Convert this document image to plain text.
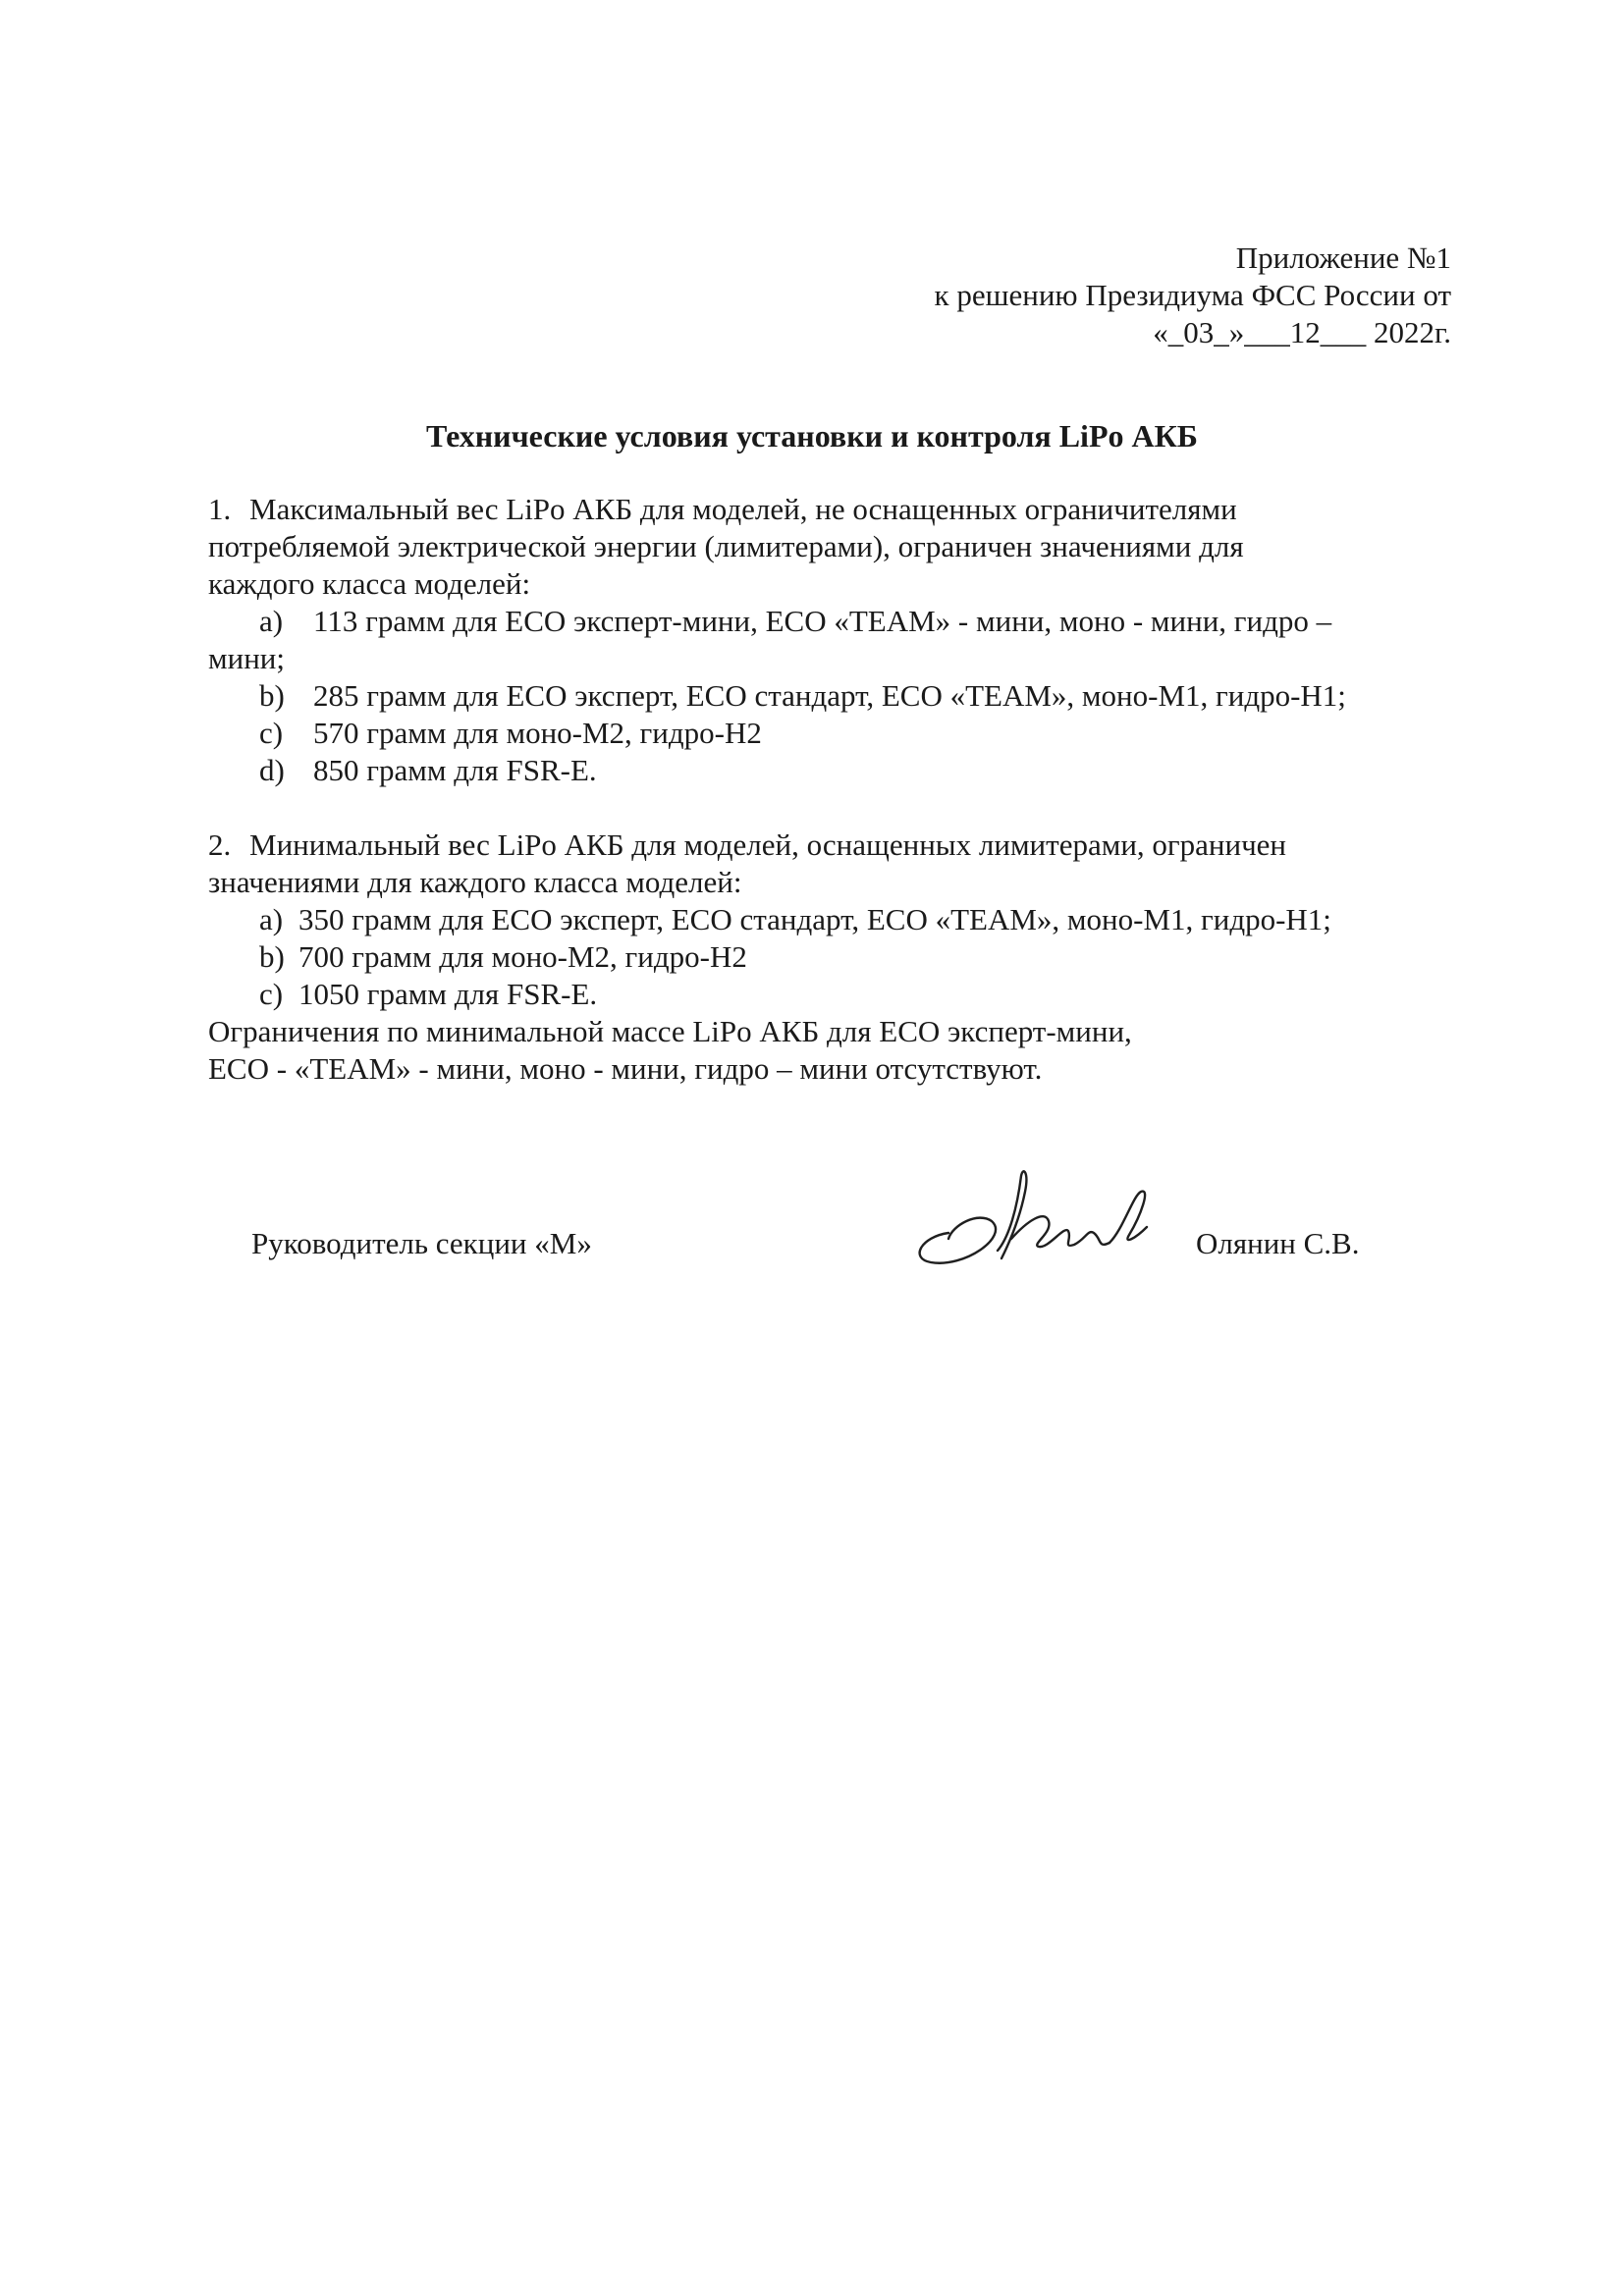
Приложение №1
к решению Президиума ФСС России от
«_03_»___12___ 2022г.
Технические условия установки и контроля LiPo АКБ
1. Максимальный вес LiPo АКБ для моделей, не оснащенных ограничителями
потребляемой электрической энергии (лимитерами), ограничен значениями для
каждого класса моделей:
a) 113 грамм для ECO эксперт-мини, ECO «TEAM» - мини, моно - мини, гидро –
мини;
b) 285 грамм для ECO эксперт, ECO стандарт, ECO «TEAM», моно-M1, гидро-H1;
c) 570 грамм для моно-M2, гидро-H2
d) 850 грамм для FSR-E.
2. Минимальный вес LiPo АКБ для моделей, оснащенных лимитерами, ограничен
значениями для каждого класса моделей:
a) 350 грамм для ECO эксперт, ECO стандарт, ECO «TEAM», моно-M1, гидро-H1;
b) 700 грамм для моно-M2, гидро-H2
c) 1050 грамм для FSR-E.
Ограничения по минимальной массе LiPo АКБ для ECO эксперт-мини,
ECO - «TEAM» - мини, моно - мини, гидро – мини отсутствуют.
Руководитель секции «М»	Олянин С.В.
